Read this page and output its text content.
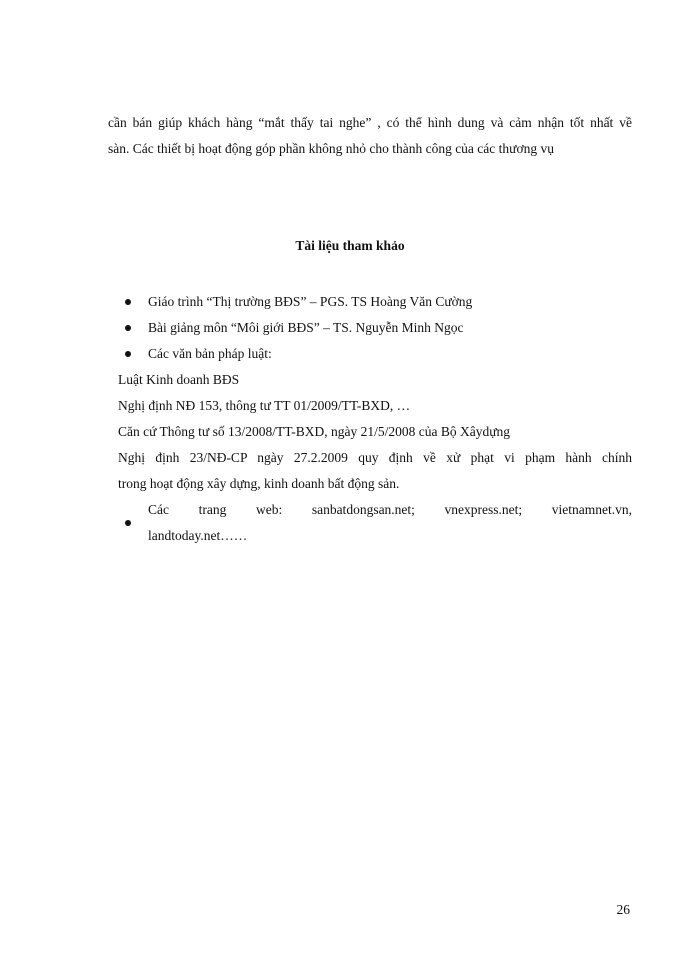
cần bán giúp khách hàng “mắt thấy tai nghe” , có thể hình dung và cảm nhận tốt nhất về
sàn. Các thiết bị hoạt động góp phần không nhỏ cho thành công của các thương vụ
Tài liệu tham khảo
Giáo trình “Thị trường BĐS” – PGS. TS Hoàng Văn Cường
Bài giảng môn “Môi giới BĐS” – TS. Nguyễn Minh Ngọc
Các văn bản pháp luật:
Luật Kinh doanh BĐS
Nghị định NĐ 153, thông tư TT 01/2009/TT-BXD, …
Căn cứ Thông tư số 13/2008/TT-BXD, ngày 21/5/2008 của Bộ Xâydựng
Nghị định 23/NĐ-CP ngày 27.2.2009 quy định về xử phạt vi phạm hành chính
trong hoạt động xây dựng, kinh doanh bất động sản.
Các trang web: sanbatdongsan.net; vnexpress.net; vietnamnet.vn,
landtoday.net……
26
